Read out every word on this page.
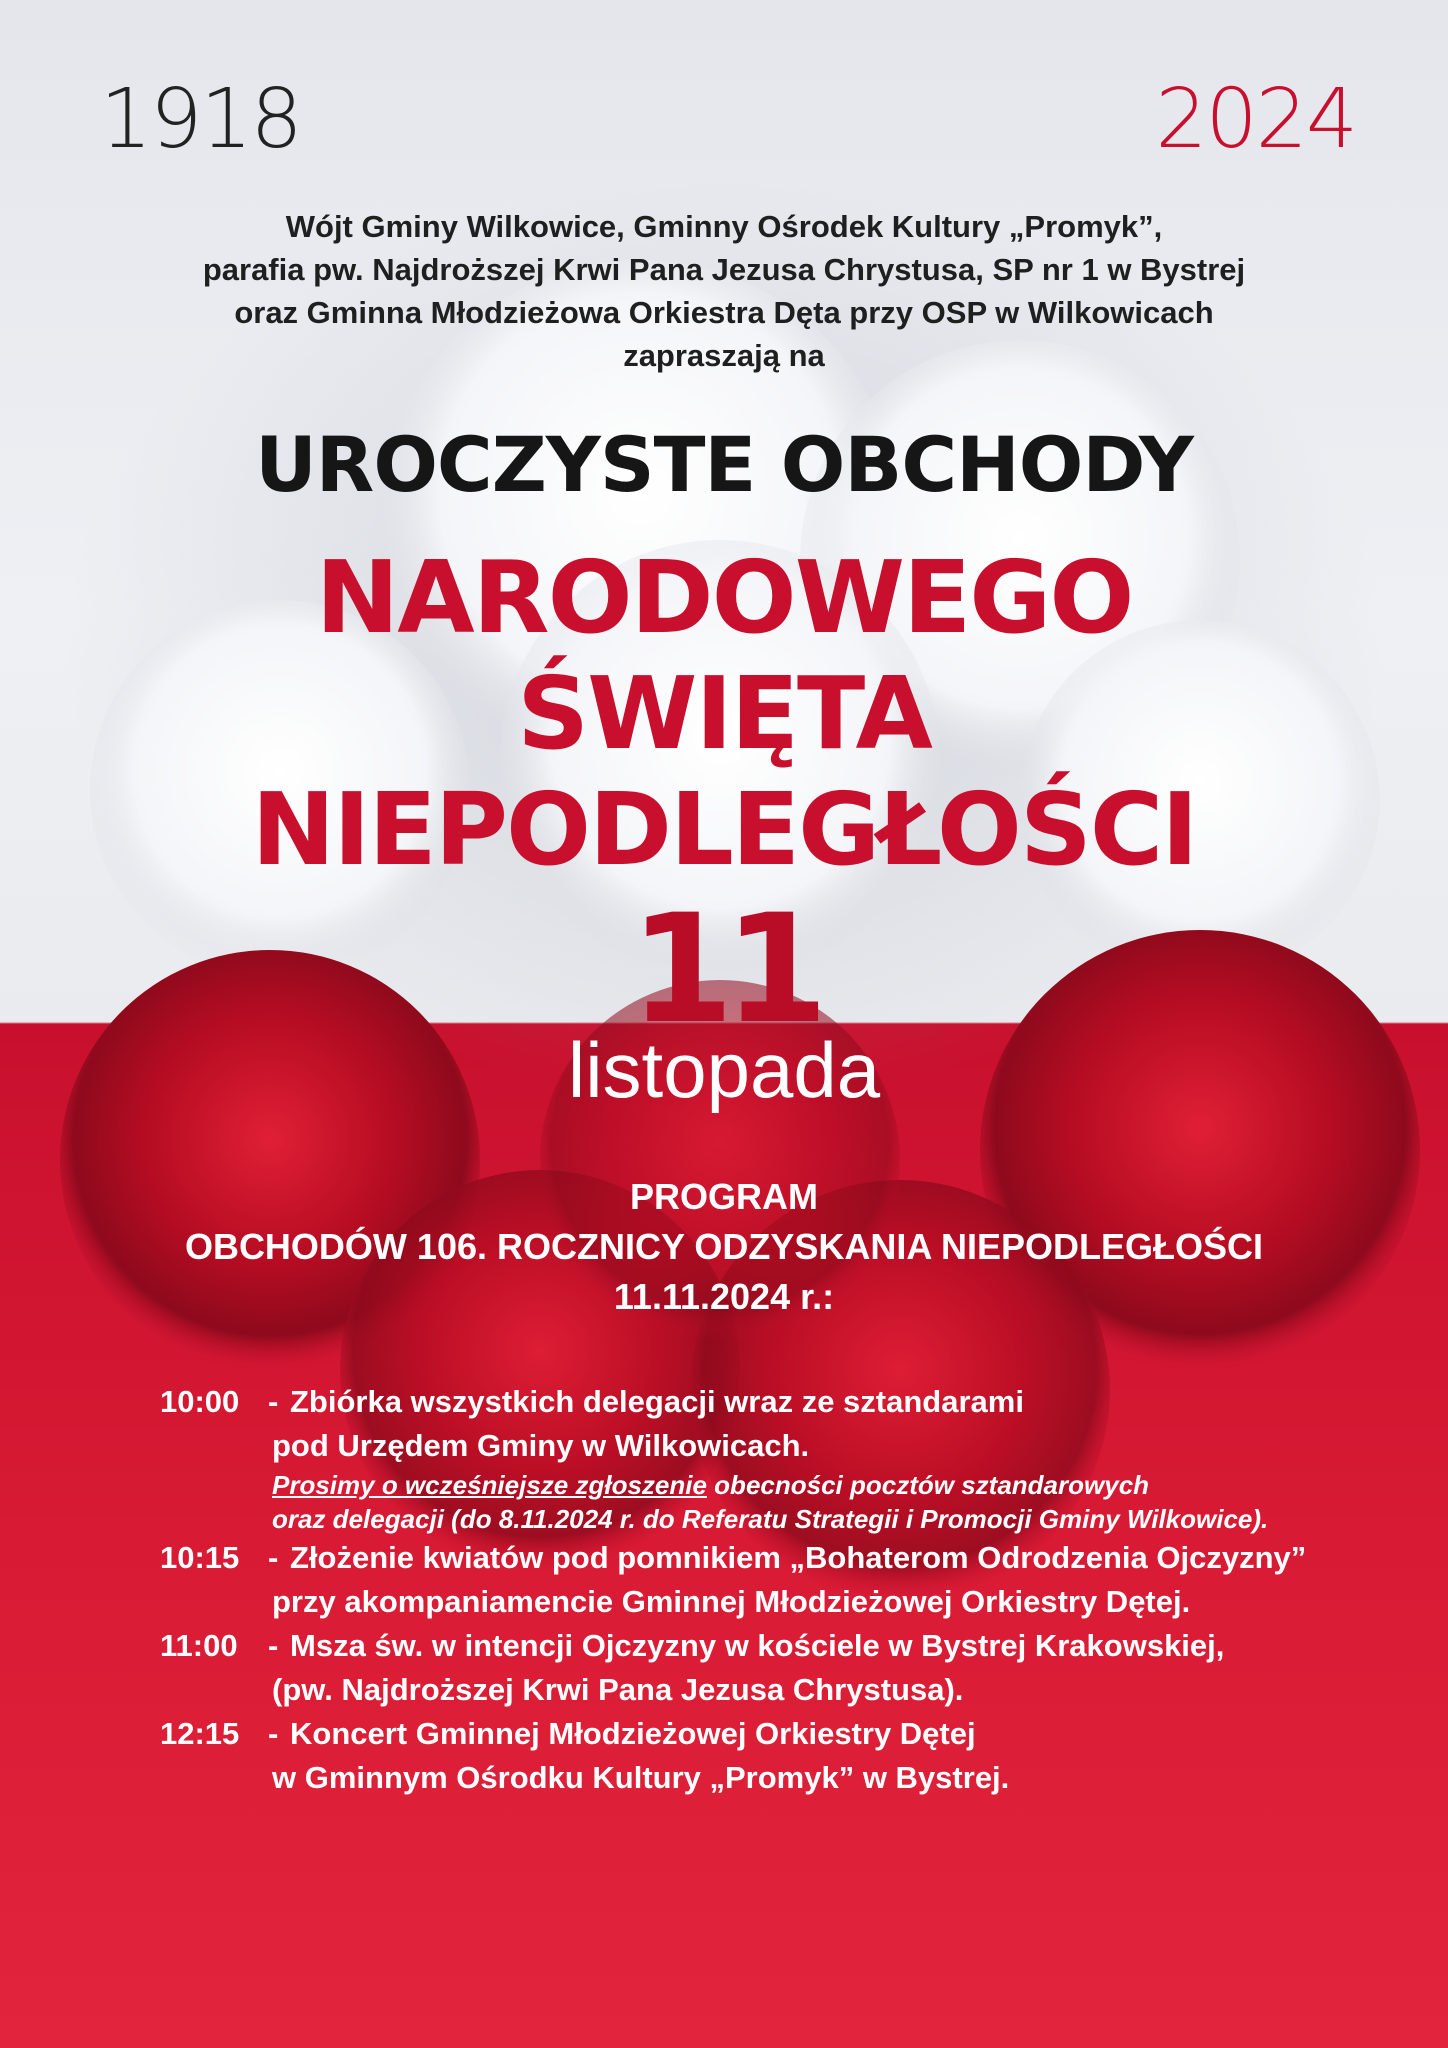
1918	2024
Wójt Gminy Wilkowice, Gminny Ośrodek Kultury „Promyk”,
parafia pw. Najdroższej Krwi Pana Jezusa Chrystusa, SP nr 1 w Bystrej
oraz Gminna Młodzieżowa Orkiestra Dęta przy OSP w Wilkowicach
zapraszają na
UROCZYSTE OBCHODY
NARODOWEGO
ŚWIĘTA
NIEPODLEGŁOŚCI
11
listopada
PROGRAM
OBCHODÓW 106. ROCZNICY ODZYSKANIA NIEPODLEGŁOŚCI
11.11.2024 r.:
10:00 - Zbiórka wszystkich delegacji wraz ze sztandarami
pod Urzędem Gminy w Wilkowicach.
Prosimy o wcześniejsze zgłoszenie obecności pocztów sztandarowych
oraz delegacji (do 8.11.2024 r. do Referatu Strategii i Promocji Gminy Wilkowice).
10:15 - Złożenie kwiatów pod pomnikiem „Bohaterom Odrodzenia Ojczyzny”
przy akompaniamencie Gminnej Młodzieżowej Orkiestry Dętej.
11:00 - Msza św. w intencji Ojczyzny w kościele w Bystrej Krakowskiej,
(pw. Najdroższej Krwi Pana Jezusa Chrystusa).
12:15 - Koncert Gminnej Młodzieżowej Orkiestry Dętej
w Gminnym Ośrodku Kultury „Promyk” w Bystrej.
